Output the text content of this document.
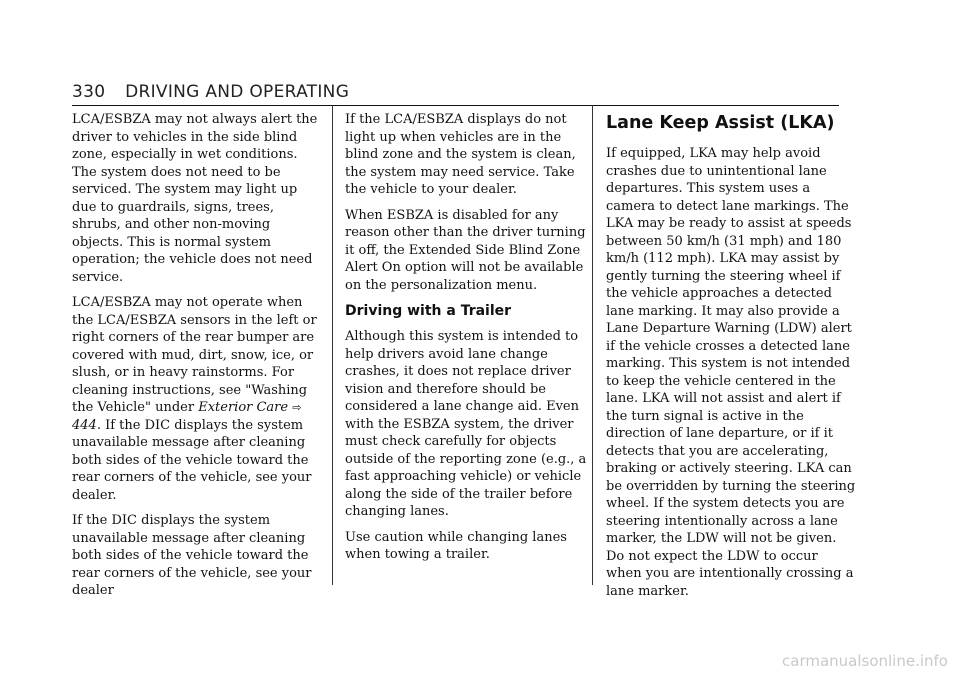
330 DRIVING AND OPERATING

LCA/ESBZA may not always alert the driver to vehicles in the side blind zone, especially in wet conditions. The system does not need to be serviced. The system may light up due to guardrails, signs, trees, shrubs, and other non-moving objects. This is normal system operation; the vehicle does not need service.

LCA/ESBZA may not operate when the LCA/ESBZA sensors in the left or right corners of the rear bumper are covered with mud, dirt, snow, ice, or slush, or in heavy rainstorms. For cleaning instructions, see "Washing the Vehicle" under Exterior Care ⇨ 444. If the DIC displays the system unavailable message after cleaning both sides of the vehicle toward the rear corners of the vehicle, see your dealer.

If the DIC displays the system unavailable message after cleaning both sides of the vehicle toward the rear corners of the vehicle, see your dealer

If the LCA/ESBZA displays do not light up when vehicles are in the blind zone and the system is clean, the system may need service. Take the vehicle to your dealer.

When ESBZA is disabled for any reason other than the driver turning it off, the Extended Side Blind Zone Alert On option will not be available on the personalization menu.

Driving with a Trailer

Although this system is intended to help drivers avoid lane change crashes, it does not replace driver vision and therefore should be considered a lane change aid. Even with the ESBZA system, the driver must check carefully for objects outside of the reporting zone (e.g., a fast approaching vehicle) or vehicle along the side of the trailer before changing lanes.

Use caution while changing lanes when towing a trailer.

Lane Keep Assist (LKA)

If equipped, LKA may help avoid crashes due to unintentional lane departures. This system uses a camera to detect lane markings. The LKA may be ready to assist at speeds between 50 km/h (31 mph) and 180 km/h (112 mph). LKA may assist by gently turning the steering wheel if the vehicle approaches a detected lane marking. It may also provide a Lane Departure Warning (LDW) alert if the vehicle crosses a detected lane marking. This system is not intended to keep the vehicle centered in the lane. LKA will not assist and alert if the turn signal is active in the direction of lane departure, or if it detects that you are accelerating, braking or actively steering. LKA can be overridden by turning the steering wheel. If the system detects you are steering intentionally across a lane marker, the LDW will not be given. Do not expect the LDW to occur when you are intentionally crossing a lane marker.

carmanualsonline.info
